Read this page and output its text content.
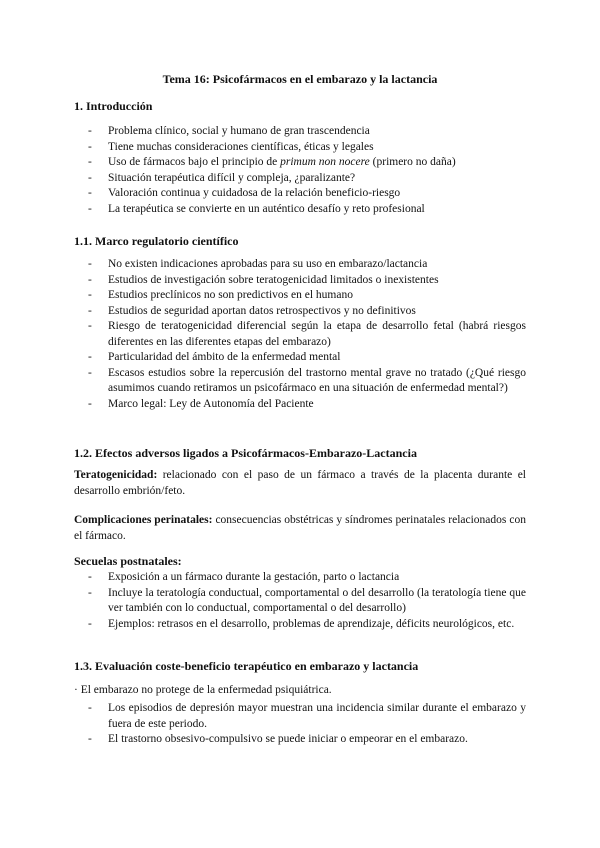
Tema 16: Psicofármacos en el embarazo y la lactancia

1. Introducción

- Problema clínico, social y humano de gran trascendencia
- Tiene muchas consideraciones científicas, éticas y legales
- Uso de fármacos bajo el principio de primum non nocere (primero no daña)
- Situación terapéutica difícil y compleja, ¿paralizante?
- Valoración continua y cuidadosa de la relación beneficio-riesgo
- La terapéutica se convierte en un auténtico desafío y reto profesional

1.1. Marco regulatorio científico

- No existen indicaciones aprobadas para su uso en embarazo/lactancia
- Estudios de investigación sobre teratogenicidad limitados o inexistentes
- Estudios preclínicos no son predictivos en el humano
- Estudios de seguridad aportan datos retrospectivos y no definitivos
- Riesgo de teratogenicidad diferencial según la etapa de desarrollo fetal (habrá riesgos diferentes en las diferentes etapas del embarazo)
- Particularidad del ámbito de la enfermedad mental
- Escasos estudios sobre la repercusión del trastorno mental grave no tratado (¿Qué riesgo asumimos cuando retiramos un psicofármaco en una situación de enfermedad mental?)
- Marco legal: Ley de Autonomía del Paciente

1.2. Efectos adversos ligados a Psicofármacos-Embarazo-Lactancia

Teratogenicidad: relacionado con el paso de un fármaco a través de la placenta durante el desarrollo embrión/feto.

Complicaciones perinatales: consecuencias obstétricas y síndromes perinatales relacionados con el fármaco.

Secuelas postnatales:

- Exposición a un fármaco durante la gestación, parto o lactancia
- Incluye la teratología conductual, comportamental o del desarrollo (la teratología tiene que ver también con lo conductual, comportamental o del desarrollo)
- Ejemplos: retrasos en el desarrollo, problemas de aprendizaje, déficits neurológicos, etc.

1.3. Evaluación coste-beneficio terapéutico en embarazo y lactancia

· El embarazo no protege de la enfermedad psiquiátrica.

- Los episodios de depresión mayor muestran una incidencia similar durante el embarazo y fuera de este periodo.
- El trastorno obsesivo-compulsivo se puede iniciar o empeorar en el embarazo.
